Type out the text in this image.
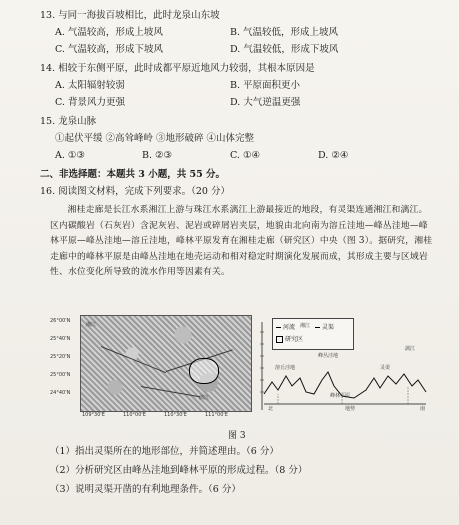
13. 与同一海拔百坡相比，此时龙泉山东坡
A. 气温较高，形成上坡风	B. 气温较低，形成上坡风
C. 气温较高，形成下坡风	D. 气温较低，形成下坡风
14. 相较于东侧平原，此时成都平原近地风力较弱，其根本原因是
A. 太阳辐射较弱	B. 平原面积更小
C. 背景风力更强	D. 大气逆温更强
15. 龙泉山脉
①起伏平缓 ②高耸峰岭 ③地形破碎 ④山体完整
A. ①③	B. ②③	C. ①④	D. ②④
二、非选择题：本题共 3 小题，共 55 分。
16. 阅读图文材料，完成下列要求。（20 分）
湘桂走廊是长江水系湘江上游与珠江水系漓江上游最接近的地段，有灵渠连通湘江和漓江。区内碳酸岩（石灰岩）含泥灰岩、泥岩或碎屑岩夹层，地貌由北向南为溶丘洼地—峰丛洼地—峰林平原—峰丛洼地—溶丘洼地，峰林平原发育在湘桂走廊（研究区）中央（图 3）。据研究，湘桂走廊中的峰林平原是由峰丛洼地在地壳运动和相对稳定时期演化发展而成，其形成主要与区域岩性、水位变化所导致的流水作用等因素有关。
湘江
漓江
26°00'N
25°40'N
25°20'N
25°00'N
24°40'N
109°30'E	110°00'E	110°30'E	111°00'E
河流	灵渠
研究区
溶丘洼地
峰丛洼地
峰林平原
灵渠
地势
北	南
湘江
漓江
图 3
（1）指出灵渠所在的地形部位，并简述理由。（6 分）
（2）分析研究区由峰丛洼地到峰林平原的形成过程。（8 分）
（3）说明灵渠开凿的有利地理条件。（6 分）
